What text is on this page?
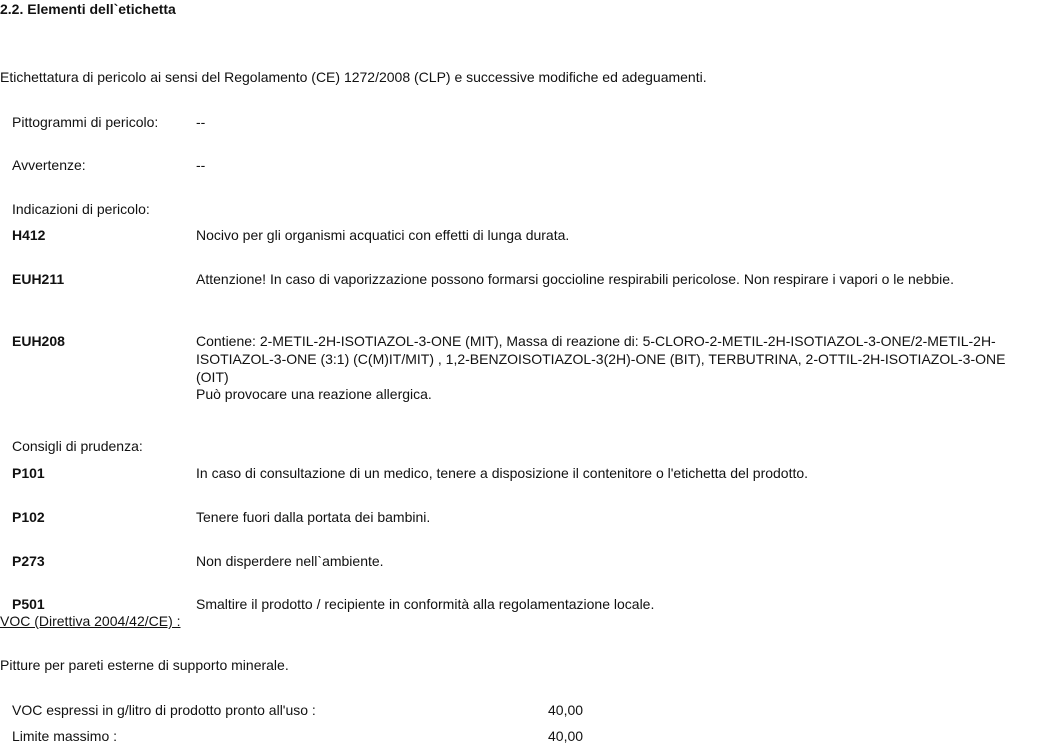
2.2. Elementi dell`etichetta
Etichettatura di pericolo ai sensi del Regolamento (CE) 1272/2008 (CLP) e successive modifiche ed adeguamenti.
Pittogrammi di pericolo:	--
Avvertenze:	--
Indicazioni di pericolo:
H412	Nocivo per gli organismi acquatici con effetti di lunga durata.
EUH211	Attenzione! In caso di vaporizzazione possono formarsi goccioline respirabili pericolose. Non respirare i vapori o le nebbie.
EUH208	Contiene: 2-METIL-2H-ISOTIAZOL-3-ONE (MIT), Massa di reazione di: 5-CLORO-2-METIL-2H-ISOTIAZOL-3-ONE/2-METIL-2H-ISOTIAZOL-3-ONE (3:1) (C(M)IT/MIT) , 1,2-BENZOISOTIAZOL-3(2H)-ONE (BIT), TERBUTRINA, 2-OTTIL-2H-ISOTIAZOL-3-ONE (OIT)
Può provocare una reazione allergica.
Consigli di prudenza:
P101	In caso di consultazione di un medico, tenere a disposizione il contenitore o l'etichetta del prodotto.
P102	Tenere fuori dalla portata dei bambini.
P273	Non disperdere nell`ambiente.
P501	Smaltire il prodotto / recipiente in conformità alla regolamentazione locale.
VOC (Direttiva 2004/42/CE) :
Pitture per pareti esterne di supporto minerale.
VOC espressi in g/litro di prodotto pronto all'uso :	40,00
Limite massimo :	40,00
